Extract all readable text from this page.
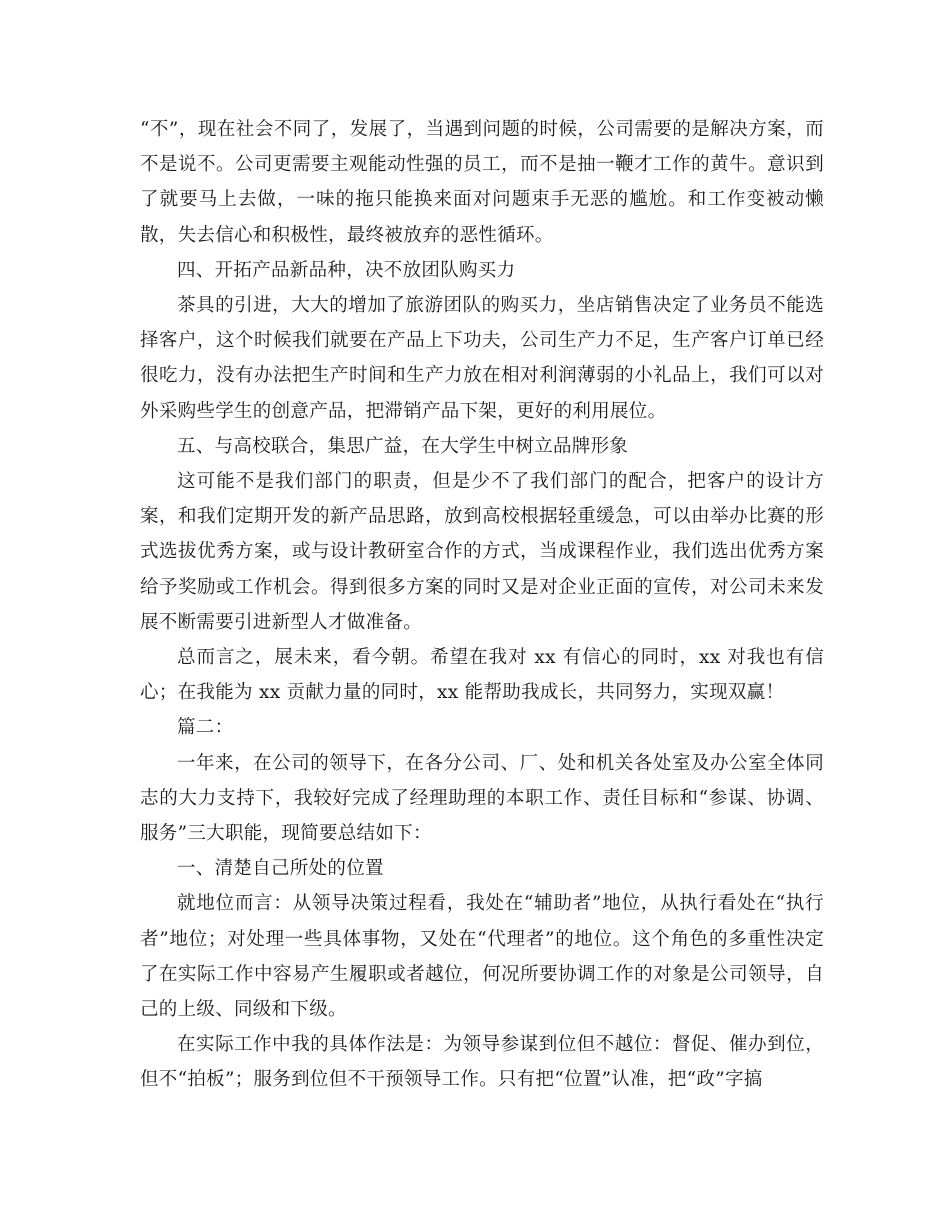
“不”，现在社会不同了，发展了，当遇到问题的时候，公司需要的是解决方案，而不是说不。公司更需要主观能动性强的员工，而不是抽一鞭才工作的黄牛。意识到了就要马上去做，一味的拖只能换来面对问题束手无恶的尴尬。和工作变被动懒散，失去信心和积极性，最终被放弃的恶性循环。

四、开拓产品新品种，决不放团队购买力

茶具的引进，大大的增加了旅游团队的购买力，坐店销售决定了业务员不能选择客户，这个时候我们就要在产品上下功夫，公司生产力不足，生产客户订单已经很吃力，没有办法把生产时间和生产力放在相对利润薄弱的小礼品上，我们可以对外采购些学生的创意产品，把滞销产品下架，更好的利用展位。

五、与高校联合，集思广益，在大学生中树立品牌形象

这可能不是我们部门的职责，但是少不了我们部门的配合，把客户的设计方案，和我们定期开发的新产品思路，放到高校根据轻重缓急，可以由举办比赛的形式选拔优秀方案，或与设计教研室合作的方式，当成课程作业，我们选出优秀方案给予奖励或工作机会。得到很多方案的同时又是对企业正面的宣传，对公司未来发展不断需要引进新型人才做准备。

总而言之，展未来，看今朝。希望在我对 xx 有信心的同时，xx 对我也有信心；在我能为 xx 贡献力量的同时，xx 能帮助我成长，共同努力，实现双赢！

篇二：

一年来，在公司的领导下，在各分公司、厂、处和机关各处室及办公室全体同志的大力支持下，我较好完成了经理助理的本职工作、责任目标和“参谋、协调、服务”三大职能，现简要总结如下：

一、清楚自己所处的位置

就地位而言：从领导决策过程看，我处在“辅助者”地位，从执行看处在“执行者”地位；对处理一些具体事物，又处在“代理者”的地位。这个角色的多重性决定了在实际工作中容易产生履职或者越位，何况所要协调工作的对象是公司领导，自己的上级、同级和下级。

在实际工作中我的具体作法是：为领导参谋到位但不越位：督促、催办到位，但不“拍板”；服务到位但不干预领导工作。只有把“位置”认准，把“政”字搞
